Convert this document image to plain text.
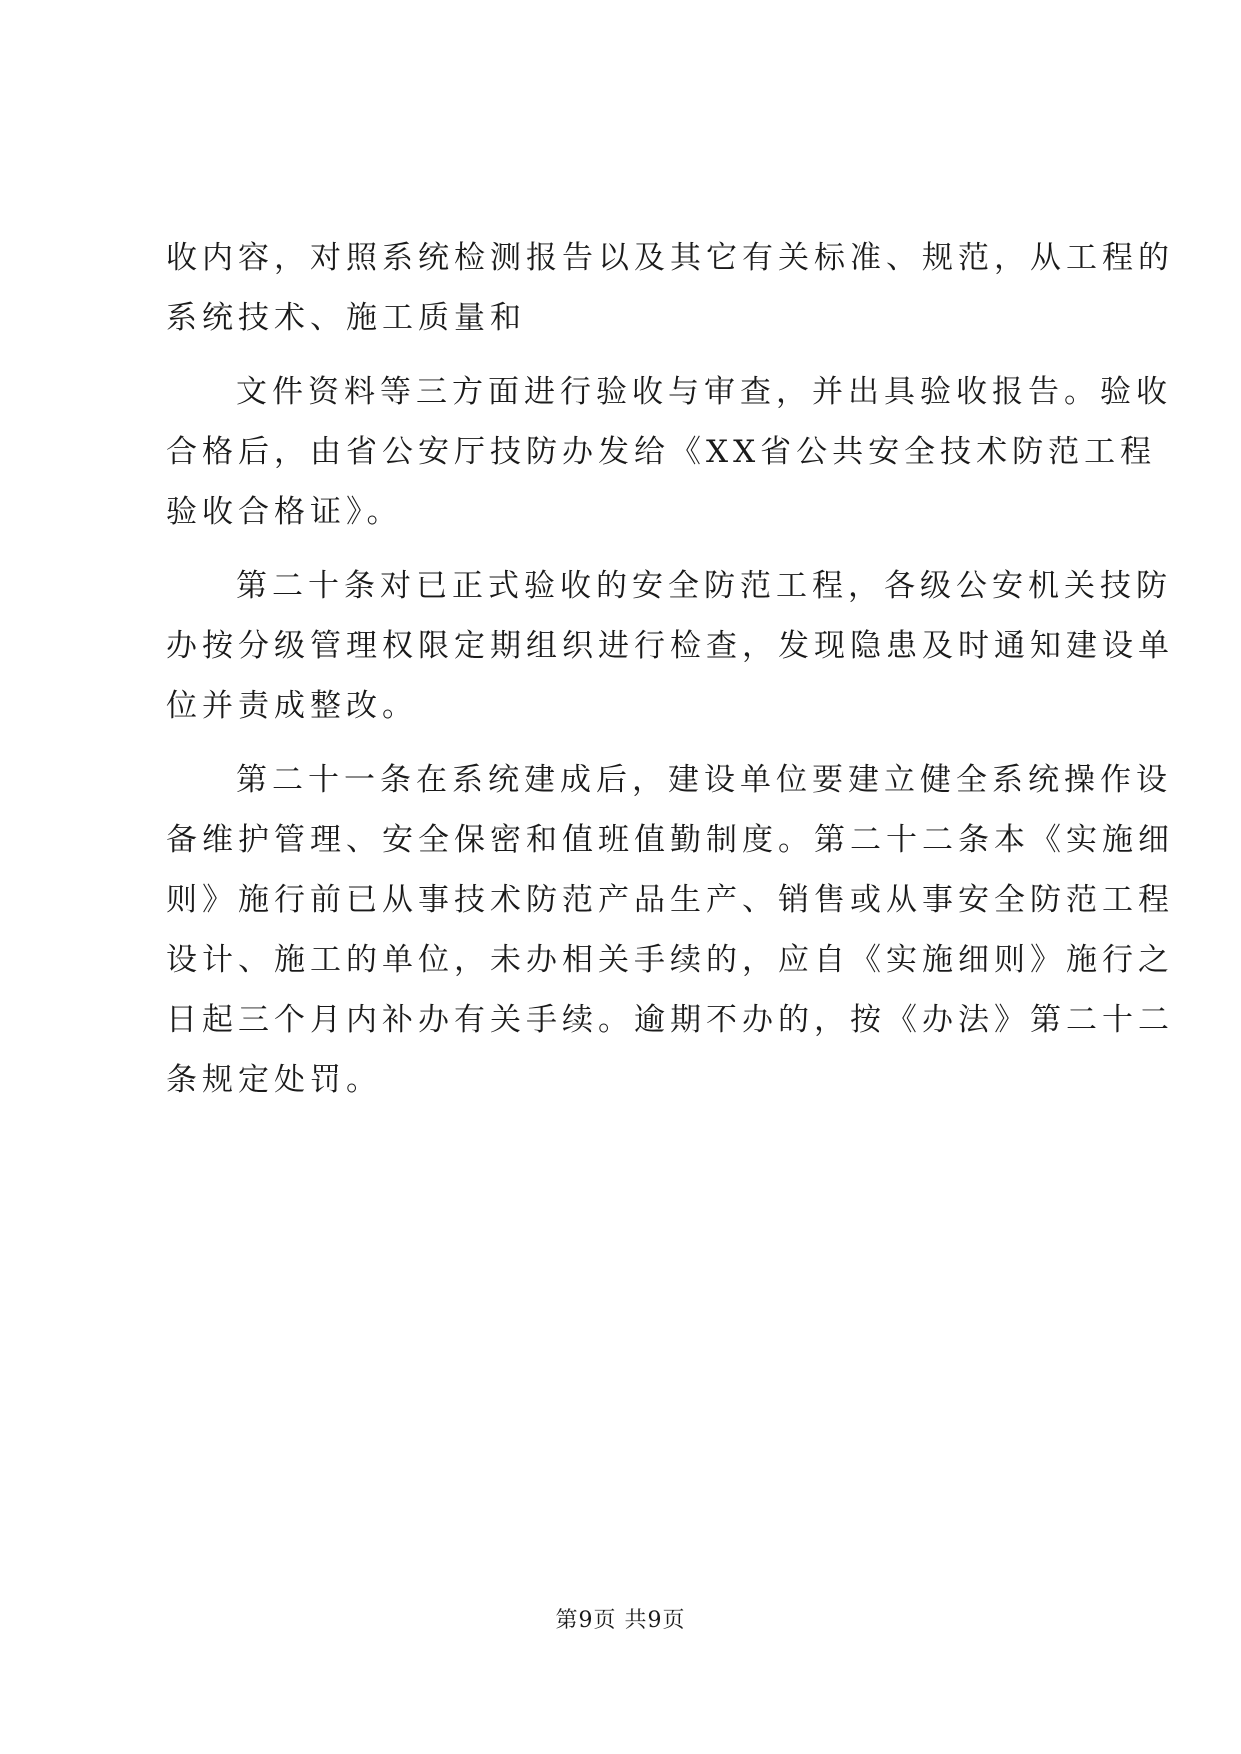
收内容，对照系统检测报告以及其它有关标准、规范，从工程的
系统技术、施工质量和
文件资料等三方面进行验收与审查，并出具验收报告。验收
合格后，由省公安厅技防办发给《XX省公共安全技术防范工程
验收合格证》。
第二十条对已正式验收的安全防范工程，各级公安机关技防
办按分级管理权限定期组织进行检查，发现隐患及时通知建设单
位并责成整改。
第二十一条在系统建成后，建设单位要建立健全系统操作设
备维护管理、安全保密和值班值勤制度。第二十二条本《实施细
则》施行前已从事技术防范产品生产、销售或从事安全防范工程
设计、施工的单位，未办相关手续的，应自《实施细则》施行之
日起三个月内补办有关手续。逾期不办的，按《办法》第二十二
条规定处罚。
第9页 共9页
